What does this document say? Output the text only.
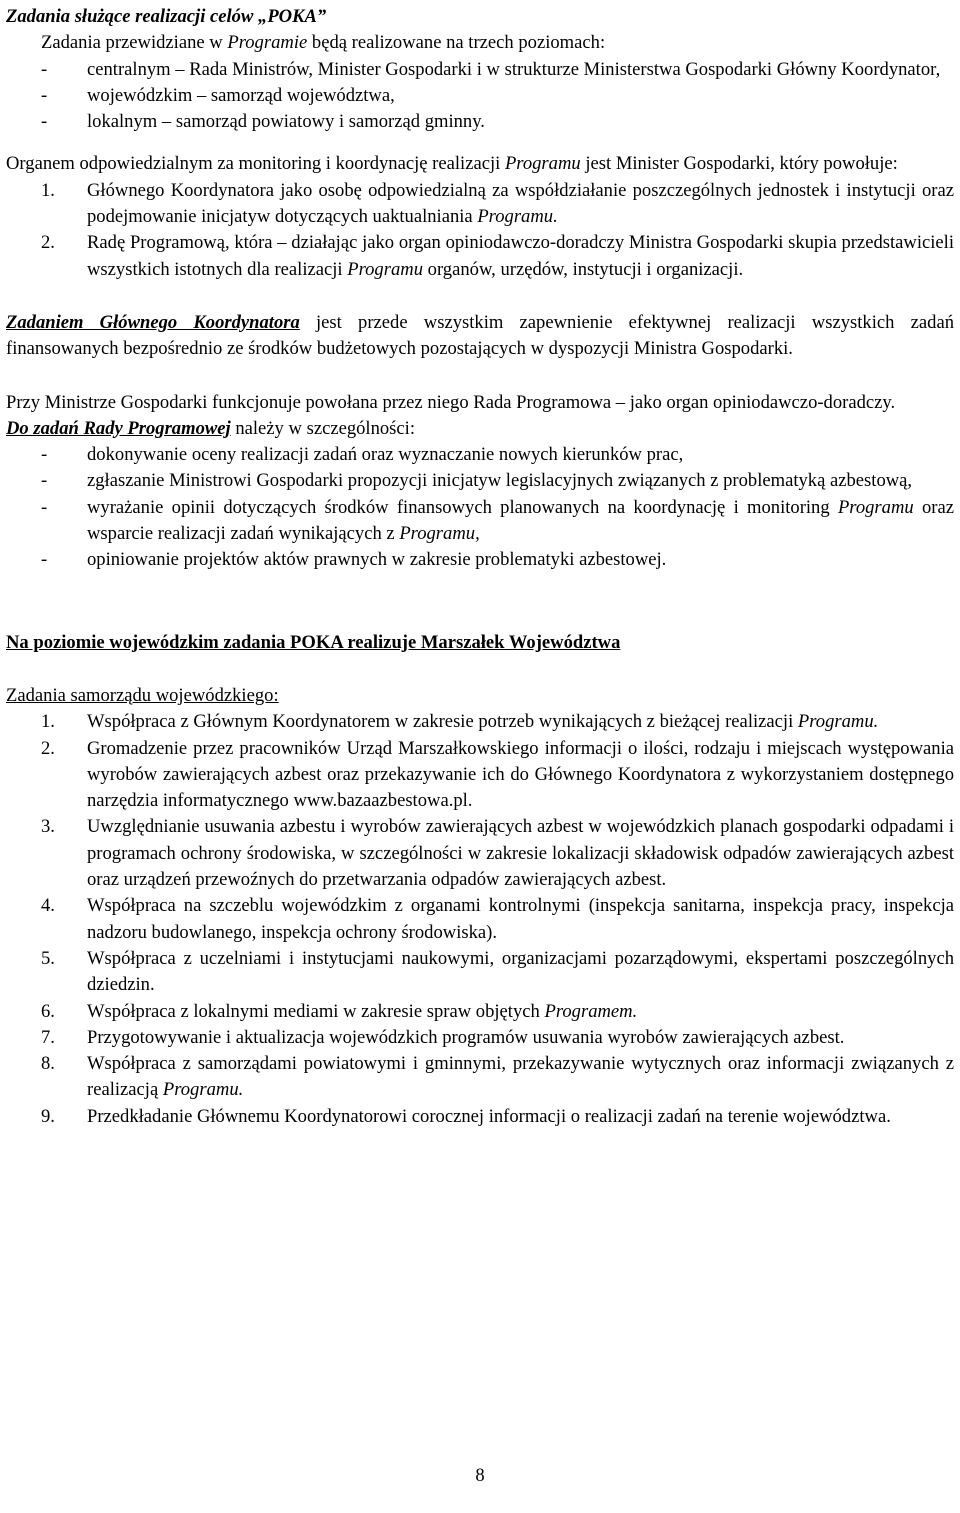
Zadania służące realizacji celów „POKA”

Zadania przewidziane w Programie będą realizowane na trzech poziomach:

- centralnym – Rada Ministrów, Minister Gospodarki i w strukturze Ministerstwa Gospodarki Główny Koordynator,
- wojewódzkim – samorząd województwa,
- lokalnym – samorząd powiatowy i samorząd gminny.

Organem odpowiedzialnym za monitoring i koordynację realizacji Programu jest Minister Gospodarki, który powołuje:

1. Głównego Koordynatora jako osobę odpowiedzialną za współdziałanie poszczególnych jednostek i instytucji oraz podejmowanie inicjatyw dotyczących uaktualniania Programu.
2. Radę Programową, która – działając jako organ opiniodawczo-doradczy Ministra Gospodarki skupia przedstawicieli wszystkich istotnych dla realizacji Programu organów, urzędów, instytucji i organizacji.

Zadaniem Głównego Koordynatora jest przede wszystkim zapewnienie efektywnej realizacji wszystkich zadań finansowanych bezpośrednio ze środków budżetowych pozostających w dyspozycji Ministra Gospodarki.

Przy Ministrze Gospodarki funkcjonuje powołana przez niego Rada Programowa – jako organ opiniodawczo-doradczy.

Do zadań Rady Programowej należy w szczególności:

- dokonywanie oceny realizacji zadań oraz wyznaczanie nowych kierunków prac,
- zgłaszanie Ministrowi Gospodarki propozycji inicjatyw legislacyjnych związanych z problematyką azbestową,
- wyrażanie opinii dotyczących środków finansowych planowanych na koordynację i monitoring Programu oraz wsparcie realizacji zadań wynikających z Programu,
- opiniowanie projektów aktów prawnych w zakresie problematyki azbestowej.

Na poziomie wojewódzkim zadania POKA realizuje Marszałek Województwa

Zadania samorządu wojewódzkiego:

1. Współpraca z Głównym Koordynatorem w zakresie potrzeb wynikających z bieżącej realizacji Programu.
2. Gromadzenie przez pracowników Urząd Marszałkowskiego informacji o ilości, rodzaju i miejscach występowania wyrobów zawierających azbest oraz przekazywanie ich do Głównego Koordynatora z wykorzystaniem dostępnego narzędzia informatycznego www.bazaazbestowa.pl.
3. Uwzględnianie usuwania azbestu i wyrobów zawierających azbest w wojewódzkich planach gospodarki odpadami i programach ochrony środowiska, w szczególności w zakresie lokalizacji składowisk odpadów zawierających azbest oraz urządzeń przewoźnych do przetwarzania odpadów zawierających azbest.
4. Współpraca na szczeblu wojewódzkim z organami kontrolnymi (inspekcja sanitarna, inspekcja pracy, inspekcja nadzoru budowlanego, inspekcja ochrony środowiska).
5. Współpraca z uczelniami i instytucjami naukowymi, organizacjami pozarządowymi, ekspertami poszczególnych dziedzin.
6. Współpraca z lokalnymi mediami w zakresie spraw objętych Programem.
7. Przygotowywanie i aktualizacja wojewódzkich programów usuwania wyrobów zawierających azbest.
8. Współpraca z samorządami powiatowymi i gminnymi, przekazywanie wytycznych oraz informacji związanych z realizacją Programu.
9. Przedkładanie Głównemu Koordynatorowi corocznej informacji o realizacji zadań na terenie województwa.
8
